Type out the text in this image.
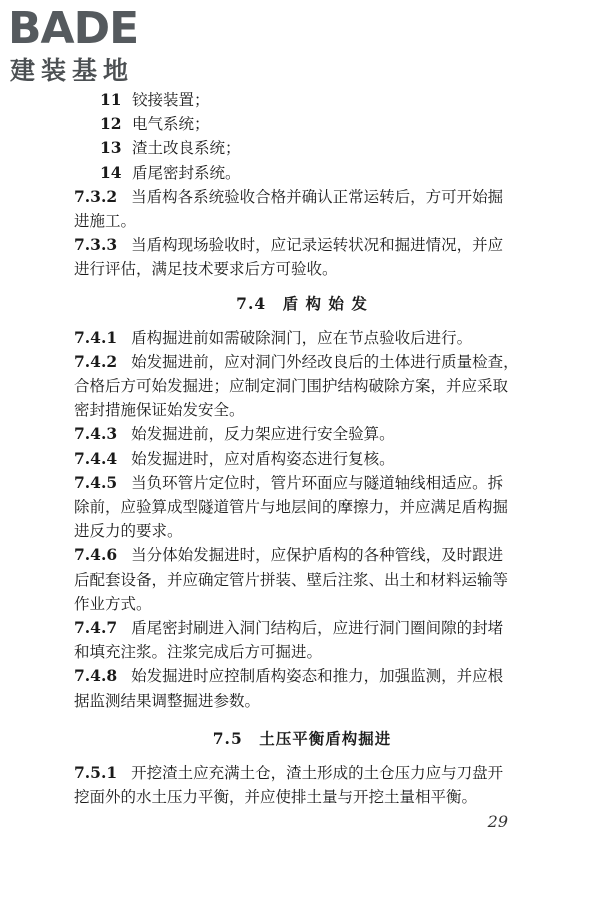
BADE
建装基地
11 铰接装置；
12 电气系统；
13 渣土改良系统；
14 盾尾密封系统。
7.3.2 当盾构各系统验收合格并确认正常运转后，方可开始掘
进施工。
7.3.3 当盾构现场验收时，应记录运转状况和掘进情况，并应
进行评估，满足技术要求后方可验收。
7.4　盾 构 始 发
7.4.1 盾构掘进前如需破除洞门，应在节点验收后进行。
7.4.2 始发掘进前，应对洞门外经改良后的土体进行质量检查，
合格后方可始发掘进；应制定洞门围护结构破除方案，并应采取
密封措施保证始发安全。
7.4.3 始发掘进前，反力架应进行安全验算。
7.4.4 始发掘进时，应对盾构姿态进行复核。
7.4.5 当负环管片定位时，管片环面应与隧道轴线相适应。拆
除前，应验算成型隧道管片与地层间的摩擦力，并应满足盾构掘
进反力的要求。
7.4.6 当分体始发掘进时，应保护盾构的各种管线，及时跟进
后配套设备，并应确定管片拼装、壁后注浆、出土和材料运输等
作业方式。
7.4.7 盾尾密封刷进入洞门结构后，应进行洞门圈间隙的封堵
和填充注浆。注浆完成后方可掘进。
7.4.8 始发掘进时应控制盾构姿态和推力，加强监测，并应根
据监测结果调整掘进参数。
7.5　土压平衡盾构掘进
7.5.1 开挖渣土应充满土仓，渣土形成的土仓压力应与刀盘开
挖面外的水土压力平衡，并应使排土量与开挖土量相平衡。
29
